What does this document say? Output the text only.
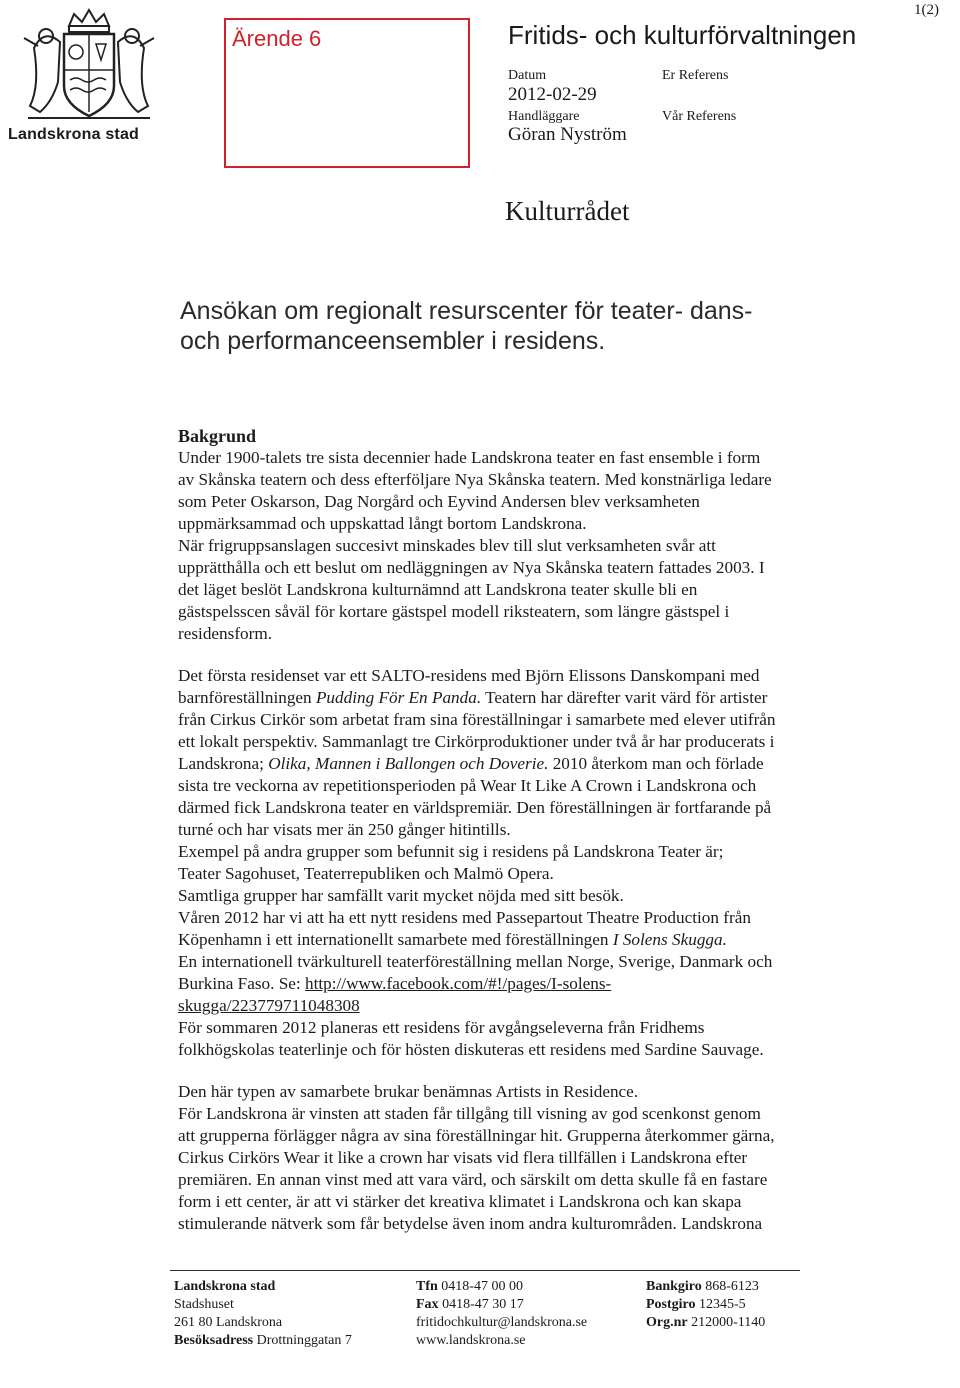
Landskrona stad
Ärende 6	Fritids- och kulturförvaltningen
1(2)
Datum
2012-02-29
Handläggare
Göran Nyström
Er Referens
Vår Referens
Kulturrådet
Ansökan om regionalt resurscenter för teater- dans-
och performanceensembler i residens.

Bakgrund

Under 1900-talets tre sista decennier hade Landskrona teater en fast ensemble i form

av Skånska teatern och dess efterföljare Nya Skånska teatern. Med konstnärliga ledare

som Peter Oskarson, Dag Norgård och Eyvind Andersen blev verksamheten

uppmärksammad och uppskattad långt bortom Landskrona.

När frigruppsanslagen succesivt minskades blev till slut verksamheten svår att

upprätthålla och ett beslut om nedläggningen av Nya Skånska teatern fattades 2003. I

det läget beslöt Landskrona kulturnämnd att Landskrona teater skulle bli en

gästspelsscen såväl för kortare gästspel modell riksteatern, som längre gästspel i

residensform.

Det första residenset var ett SALTO-residens med Björn Elissons Danskompani med

barnföreställningen Pudding För En Panda. Teatern har därefter varit värd för artister

från Cirkus Cirkör som arbetat fram sina föreställningar i samarbete med elever utifrån

ett lokalt perspektiv. Sammanlagt tre Cirkörproduktioner under två år har producerats i

Landskrona; Olika, Mannen i Ballongen och Doverie. 2010 återkom man och förlade

sista tre veckorna av repetitionsperioden på Wear It Like A Crown i Landskrona och

därmed fick Landskrona teater en världspremiär. Den föreställningen är fortfarande på

turné och har visats mer än 250 gånger hitintills.

Exempel på andra grupper som befunnit sig i residens på Landskrona Teater är;

Teater Sagohuset, Teaterrepubliken och Malmö Opera.

Samtliga grupper har samfällt varit mycket nöjda med sitt besök.

Våren 2012 har vi att ha ett nytt residens med Passepartout Theatre Production från

Köpenhamn i ett internationellt samarbete med föreställningen I Solens Skugga.

En internationell tvärkulturell teaterföreställning mellan Norge, Sverige, Danmark och

Burkina Faso. Se: http://www.facebook.com/#!/pages/I-solens-

skugga/223779711048308

För sommaren 2012 planeras ett residens för avgångseleverna från Fridhems

folkhögskolas teaterlinje och för hösten diskuteras ett residens med Sardine Sauvage.

Den här typen av samarbete brukar benämnas Artists in Residence.

För Landskrona är vinsten att staden får tillgång till visning av god scenkonst genom

att grupperna förlägger några av sina föreställningar hit. Grupperna återkommer gärna,

Cirkus Cirkörs Wear it like a crown har visats vid flera tillfällen i Landskrona efter

premiären. En annan vinst med att vara värd, och särskilt om detta skulle få en fastare

form i ett center, är att vi stärker det kreativa klimatet i Landskrona och kan skapa

stimulerande nätverk som får betydelse även inom andra kulturområden. Landskrona

Landskrona stad
Stadshuset
261 80 Landskrona
Besöksadress Drottninggatan 7
Tfn 0418-47 00 00
Fax 0418-47 30 17
fritidochkultur@landskrona.se
www.landskrona.se
Bankgiro 868-6123
Postgiro 12345-5
Org.nr 212000-1140
